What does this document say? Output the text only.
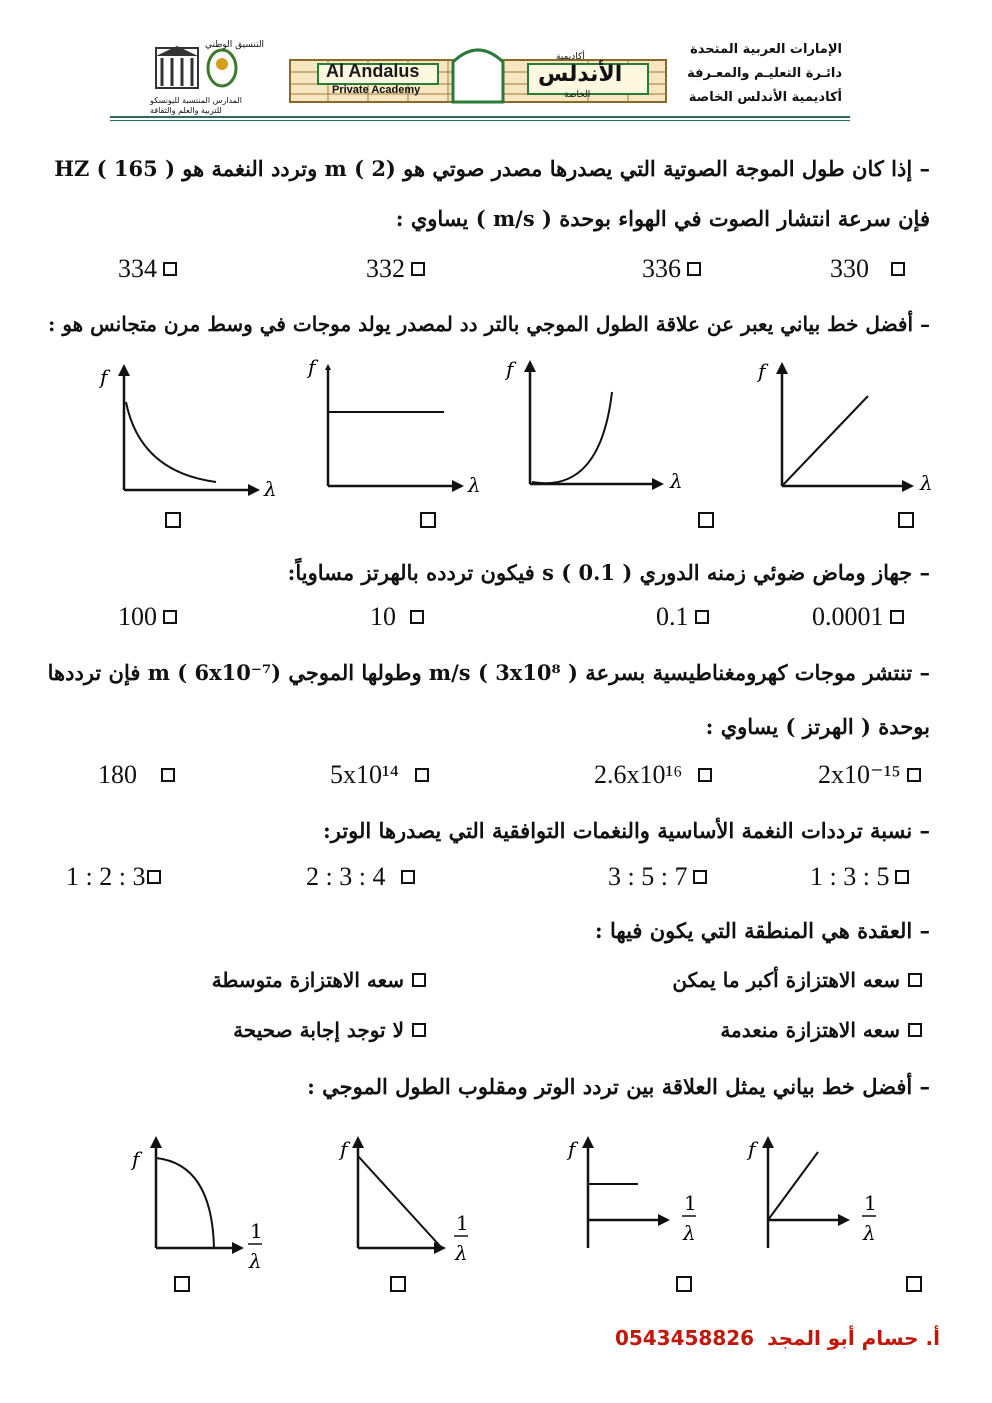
التنسيق الوطني
المدارس المنتسبة لليونسكو
للتربية والعلم والثقافة
Al Andalus
Private Academy
أكاديمية
الأندلس
الخاصة
الإمارات العربية المتحدة
دائـرة التعليـم والمعـرفة
أكاديمية الأندلس الخاصة
– إذا كان طول الموجة الصوتية التي يصدرها مصدر صوتي هو m ( 2) وتردد النغمة هو HZ ( 165 )
فإن سرعة انتشار الصوت في الهواء بوحدة ( m/s ) يساوي :
334	332	336	330
– أفضل خط بياني يعبر عن علاقة الطول الموجي بالتر دد لمصدر يولد موجات في وسط مرن متجانس هو :
f
λ
f
λ
f
λ
f
λ
– جهاز وماض ضوئي زمنه الدوري s ( 0.1 ) فيكون تردده بالهرتز مساوياً:
100	10	0.1	0.0001
– تنتشر موجات كهرومغناطيسية بسرعة m/s ( 3x10⁸ ) وطولها الموجي m ( 6x10⁻⁷) فإن ترددها
بوحدة ( الهرتز ) يساوي :
180	5x10¹⁴	2.6x10¹⁶	2x10⁻¹⁵
– نسبة ترددات النغمة الأساسية والنغمات التوافقية التي يصدرها الوتر:
1 : 2 : 3	2 : 3 : 4	3 : 5 : 7	1 : 3 : 5
– العقدة هي المنطقة التي يكون فيها :
سعه الاهتزازة أكبر ما يمكن
سعه الاهتزازة متوسطة
سعه الاهتزازة منعدمة
لا توجد إجابة صحيحة
– أفضل خط بياني يمثل العلاقة بين تردد الوتر ومقلوب الطول الموجي :
f
1
λ
f
1
λ
f
1
λ
f
1
λ
أ. حسام أبو المجد 0543458826
